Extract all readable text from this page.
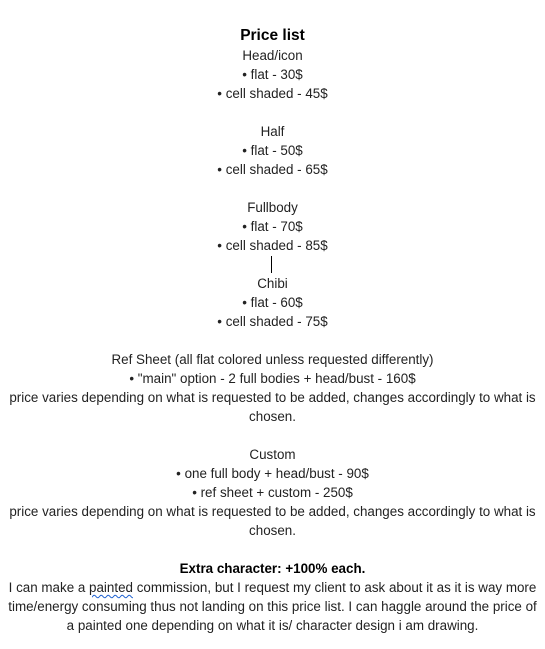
Price list
Head/icon
• flat - 30$
• cell shaded - 45$
Half
• flat - 50$
• cell shaded - 65$
Fullbody
• flat - 70$
• cell shaded - 85$
Chibi
• flat - 60$
• cell shaded - 75$
Ref Sheet (all flat colored unless requested differently)
• "main" option - 2 full bodies + head/bust - 160$
price varies depending on what is requested to be added, changes accordingly to what is chosen.
Custom
• one full body + head/bust - 90$
• ref sheet + custom - 250$
price varies depending on what is requested to be added, changes accordingly to what is chosen.
Extra character: +100% each.
I can make a painted commission, but I request my client to ask about it as it is way more time/energy consuming thus not landing on this price list. I can haggle around the price of a painted one depending on what it is/ character design i am drawing.
